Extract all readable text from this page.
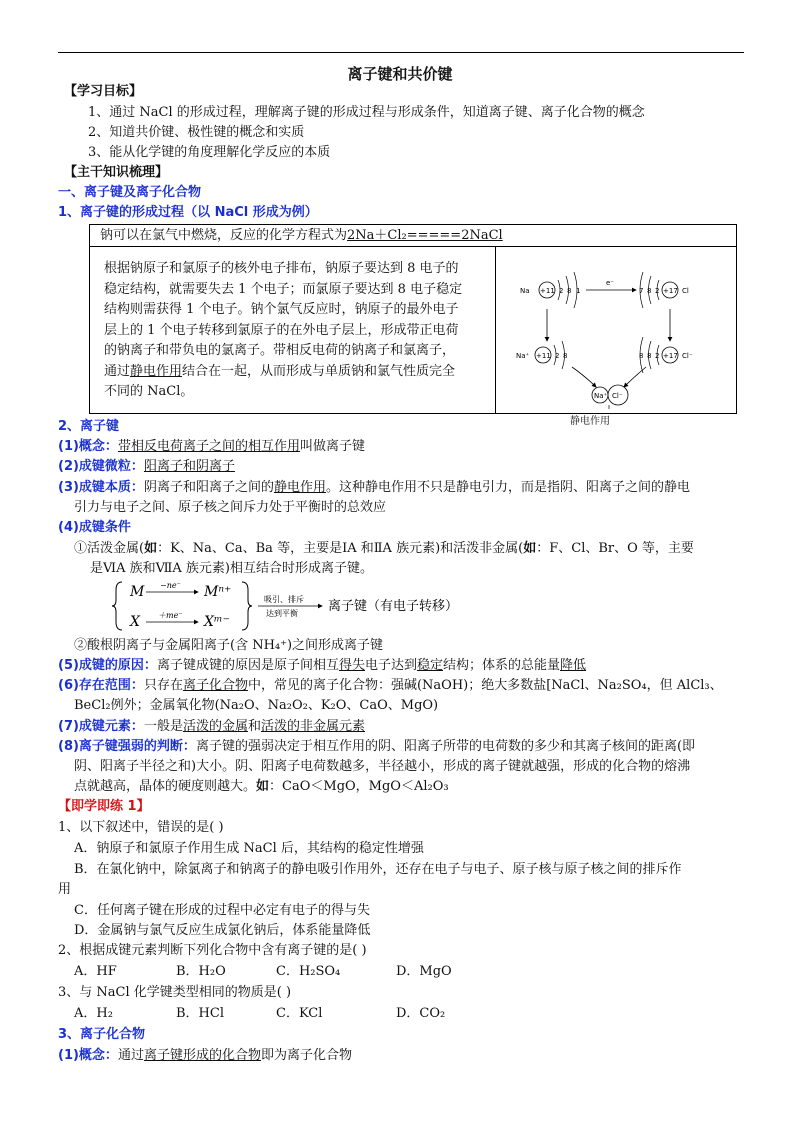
离子键和共价键
【学习目标】
1、通过 NaCl 的形成过程，理解离子键的形成过程与形成条件，知道离子键、离子化合物的概念
2、知道共价键、极性键的概念和实质
3、能从化学键的角度理解化学反应的本质
【主干知识梳理】
一、离子键及离子化合物
1、离子键的形成过程（以 NaCl 形成为例）
钠可以在氯气中燃烧，反应的化学方程式为2Na＋Cl₂=====2NaCl
根据钠原子和氯原子的核外电子排布，钠原子要达到 8 电子的
稳定结构，就需要失去 1 个电子；而氯原子要达到 8 电子稳定
结构则需获得 1 个电子。钠个氯气反应时，钠原子的最外电子
层上的 1 个电子转移到氯原子的在外电子层上，形成带正电荷
的钠离子和带负电的氯离子。带相反电荷的钠离子和氯离子，
通过静电作用结合在一起，从而形成与单质钠和氯气性质完全
不同的 NaCl。
Na +11 2 8 1
e⁻
7 8 2 +17 Cl
Na⁺ +11 2 8	8 8 2 +17 Cl⁻
Na⁺ Cl⁻
静电作用
2、离子键
(1)概念：带相反电荷离子之间的相互作用叫做离子键
(2)成键微粒：阳离子和阴离子
(3)成键本质：阴离子和阳离子之间的静电作用。这种静电作用不只是静电引力，而是指阴、阳离子之间的静电
引力与电子之间、原子核之间斥力处于平衡时的总效应
(4)成键条件
①活泼金属(如：K、Na、Ca、Ba 等，主要是ⅠA 和ⅡA 族元素)和活泼非金属(如：F、Cl、Br、O 等，主要
是ⅥA 族和ⅦA 族元素)相互结合时形成离子键。
M −ne⁻ Mⁿ⁺
X ＋me⁻ Xᵐ⁻
吸引、排斥
达到平衡 离子键（有电子转移）
②酸根阴离子与金属阳离子(含 NH₄⁺)之间形成离子键
(5)成键的原因：离子键成键的原因是原子间相互得失电子达到稳定结构；体系的总能量降低
(6)存在范围：只存在离子化合物中，常见的离子化合物：强碱(NaOH)；绝大多数盐[NaCl、Na₂SO₄，但 AlCl₃、
BeCl₂例外；金属氧化物(Na₂O、Na₂O₂、K₂O、CaO、MgO)
(7)成键元素：一般是活泼的金属和活泼的非金属元素
(8)离子键强弱的判断：离子键的强弱决定于相互作用的阴、阳离子所带的电荷数的多少和其离子核间的距离(即
阴、阳离子半径之和)大小。阴、阳离子电荷数越多，半径越小，形成的离子键就越强，形成的化合物的熔沸
点就越高，晶体的硬度则越大。如：CaO＜MgO，MgO＜Al₂O₃
【即学即练 1】
1、以下叙述中，错误的是( )
A．钠原子和氯原子作用生成 NaCl 后，其结构的稳定性增强
B．在氯化钠中，除氯离子和钠离子的静电吸引作用外，还存在电子与电子、原子核与原子核之间的排斥作
用
C．任何离子键在形成的过程中必定有电子的得与失
D．金属钠与氯气反应生成氯化钠后，体系能量降低
2、根据成键元素判断下列化合物中含有离子键的是( )
A．HF	B．H₂O	C．H₂SO₄	D．MgO
3、与 NaCl 化学键类型相同的物质是( )
A．H₂	B．HCl	C．KCl	D．CO₂
3、离子化合物
(1)概念：通过离子键形成的化合物即为离子化合物
